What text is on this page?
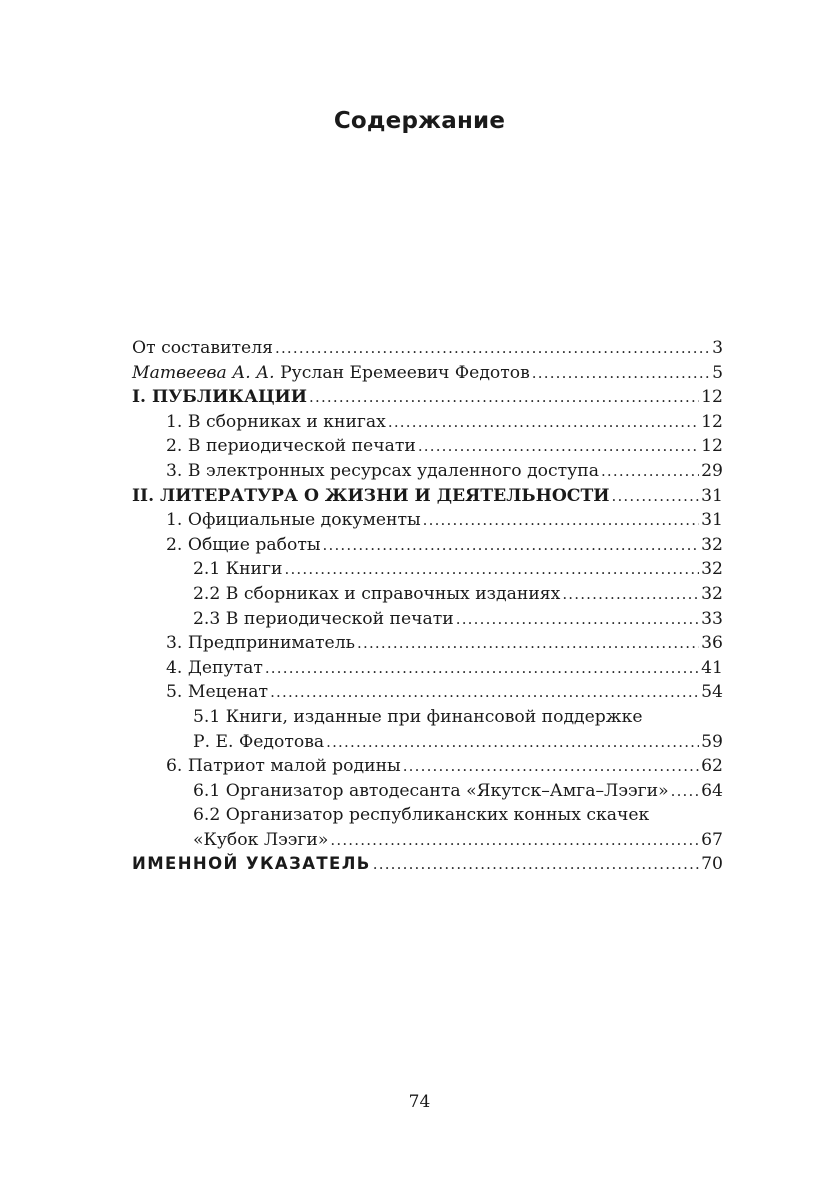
Содержание
От составителя .....	3
Матвеева А. А. Руслан Еремеевич Федотов .....	5
I. ПУБЛИКАЦИИ .....	12
1. В сборниках и книгах .....	12
2. В периодической печати .....	12
3. В электронных ресурсах удаленного доступа .....	29
II. ЛИТЕРАТУРА О ЖИЗНИ И ДЕЯТЕЛЬНОСТИ .....	31
1. Официальные документы .....	31
2. Общие работы .....	32
2.1 Книги .....	32
2.2 В сборниках и справочных изданиях .....	32
2.3 В периодической печати .....	33
3. Предприниматель .....	36
4. Депутат .....	41
5. Меценат .....	54
5.1 Книги, изданные при финансовой поддержке
Р. Е. Федотова .....	59
6. Патриот малой родины .....	62
6.1 Организатор автодесанта «Якутск–Амга–Лээги» ..... 64
6.2 Организатор республиканских конных скачек
«Кубок Лээги» .....	67
ИМЕННОЙ УКАЗАТЕЛЬ .....	70
74
